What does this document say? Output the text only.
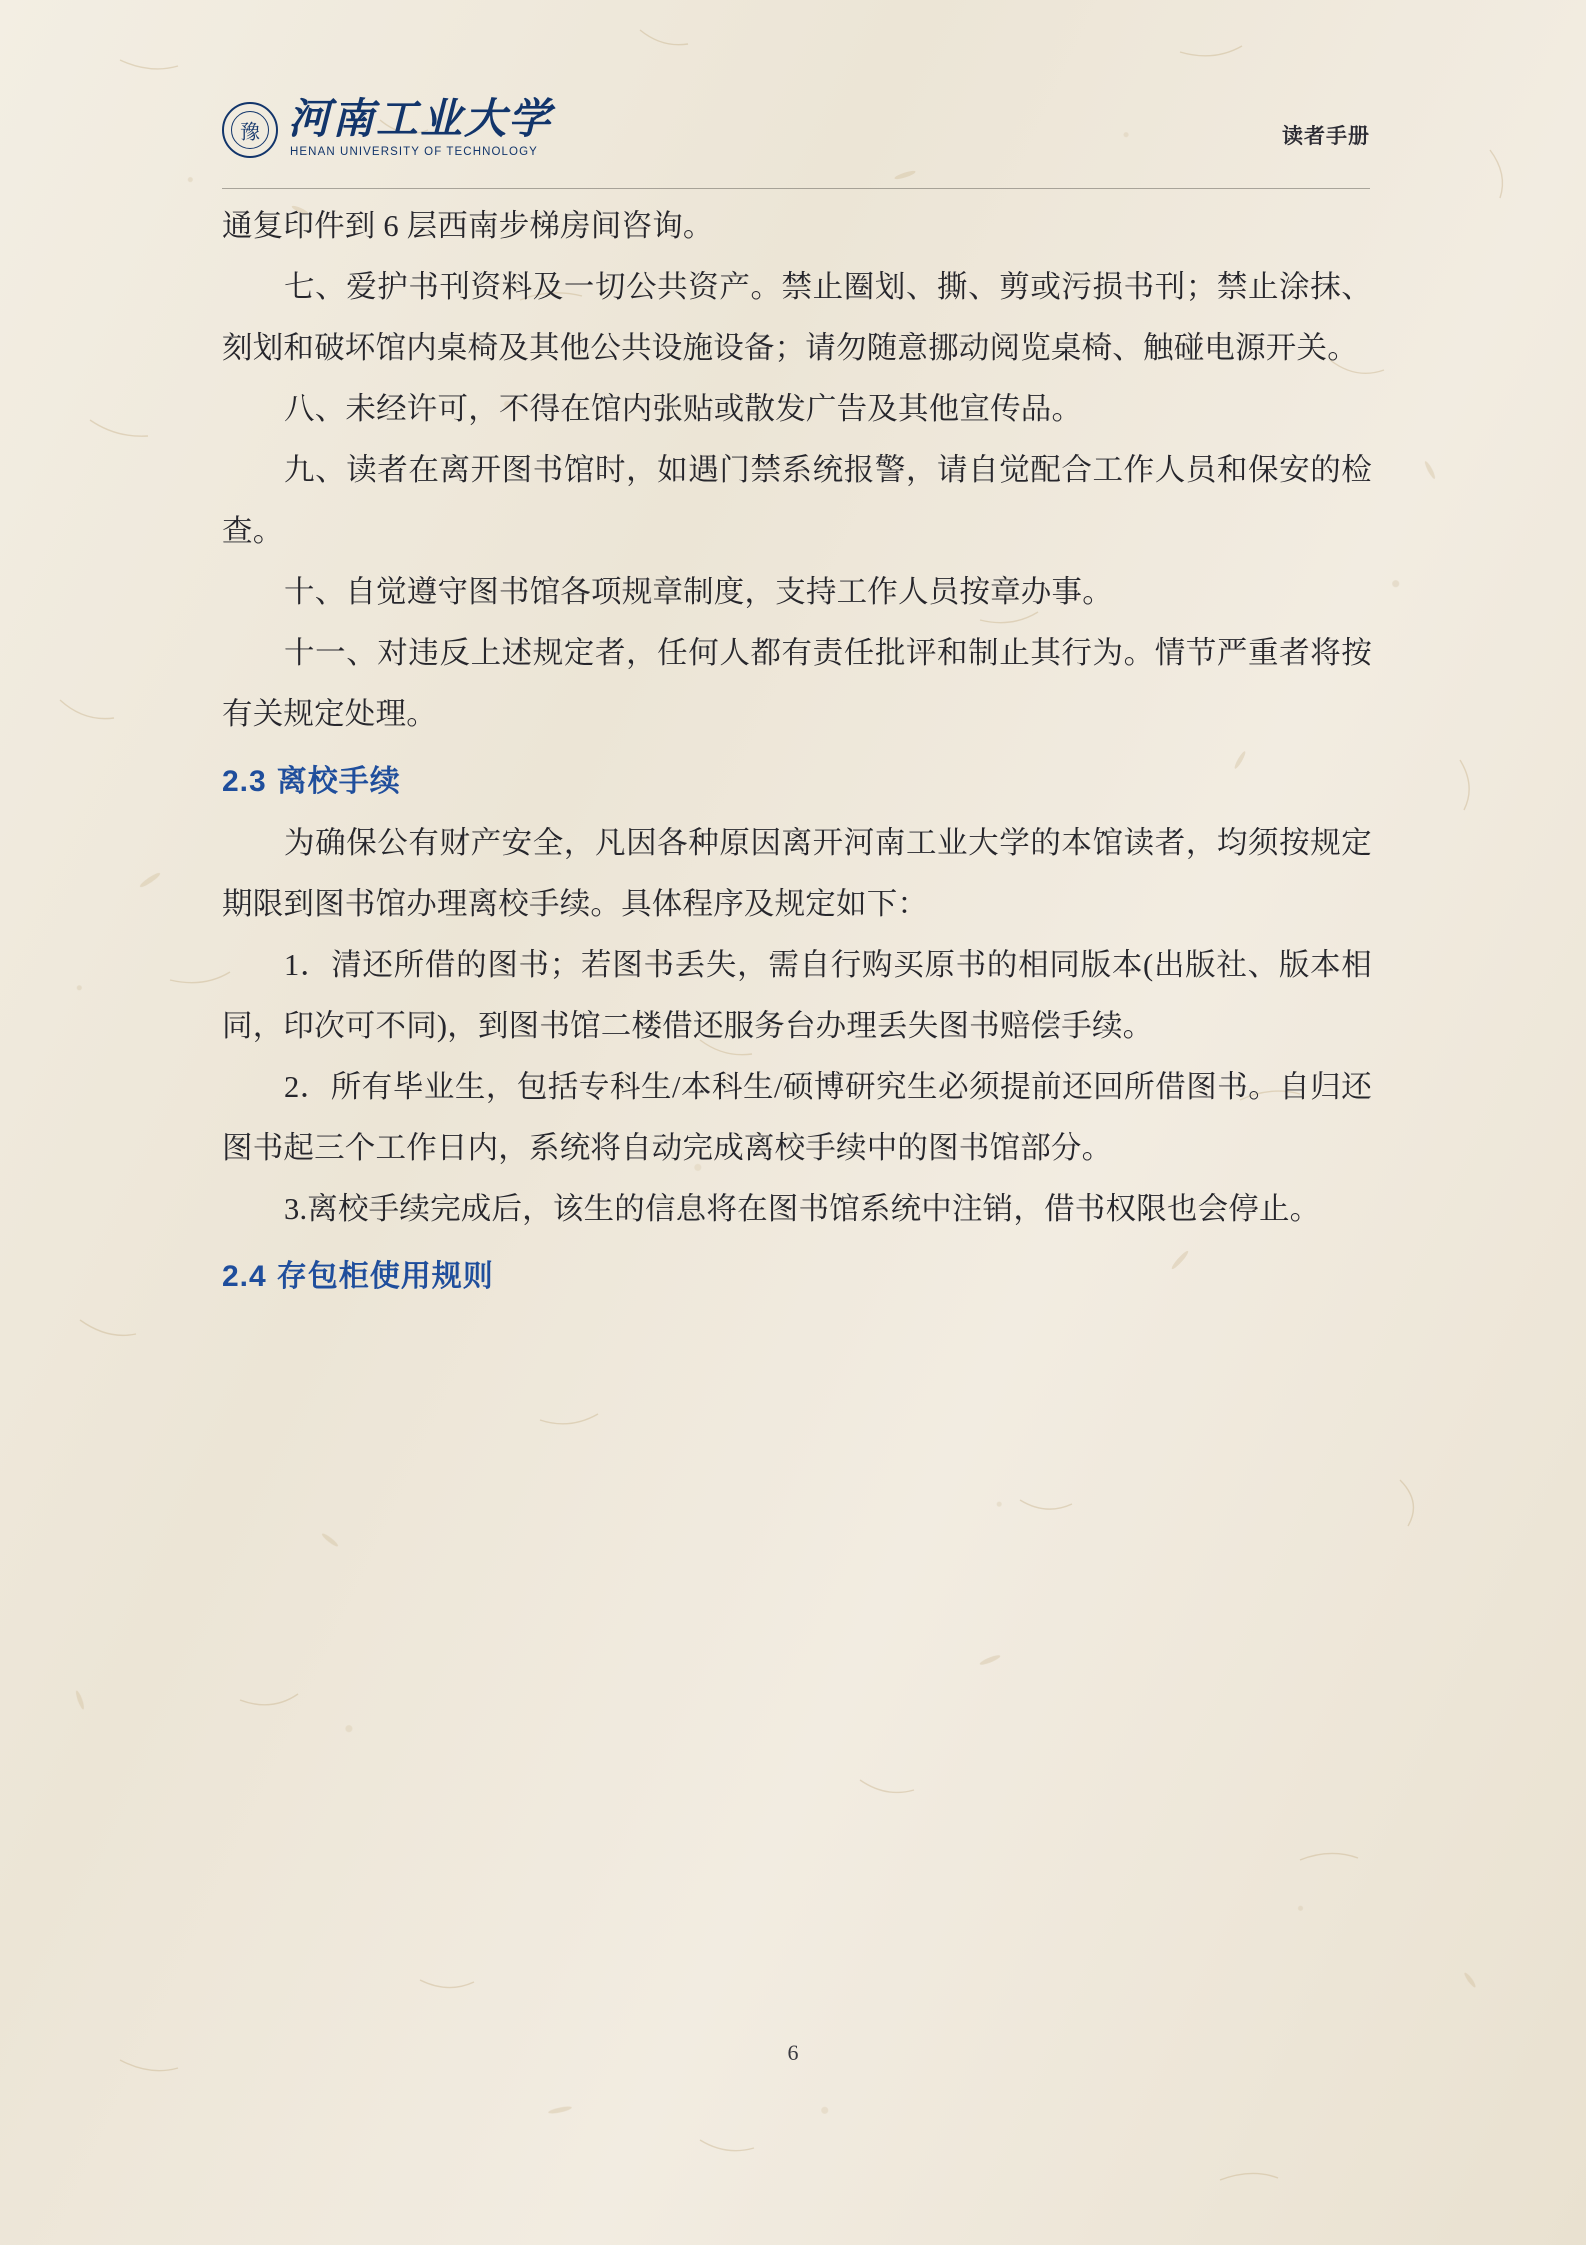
豫 河南工业大学
HENAN UNIVERSITY OF TECHNOLOGY
读者手册

通复印件到 6 层西南步梯房间咨询。

七、爱护书刊资料及一切公共资产。禁止圈划、撕、剪或污损书刊；禁止涂抹、刻划和破坏馆内桌椅及其他公共设施设备；请勿随意挪动阅览桌椅、触碰电源开关。

八、未经许可，不得在馆内张贴或散发广告及其他宣传品。

九、读者在离开图书馆时，如遇门禁系统报警，请自觉配合工作人员和保安的检查。

十、自觉遵守图书馆各项规章制度，支持工作人员按章办事。

十一、对违反上述规定者，任何人都有责任批评和制止其行为。情节严重者将按有关规定处理。

2.3 离校手续

为确保公有财产安全，凡因各种原因离开河南工业大学的本馆读者，均须按规定期限到图书馆办理离校手续。具体程序及规定如下：

1．清还所借的图书；若图书丢失，需自行购买原书的相同版本(出版社、版本相同，印次可不同)，到图书馆二楼借还服务台办理丢失图书赔偿手续。

2．所有毕业生，包括专科生/本科生/硕博研究生必须提前还回所借图书。自归还图书起三个工作日内，系统将自动完成离校手续中的图书馆部分。

3.离校手续完成后，该生的信息将在图书馆系统中注销，借书权限也会停止。

2.4 存包柜使用规则
6
